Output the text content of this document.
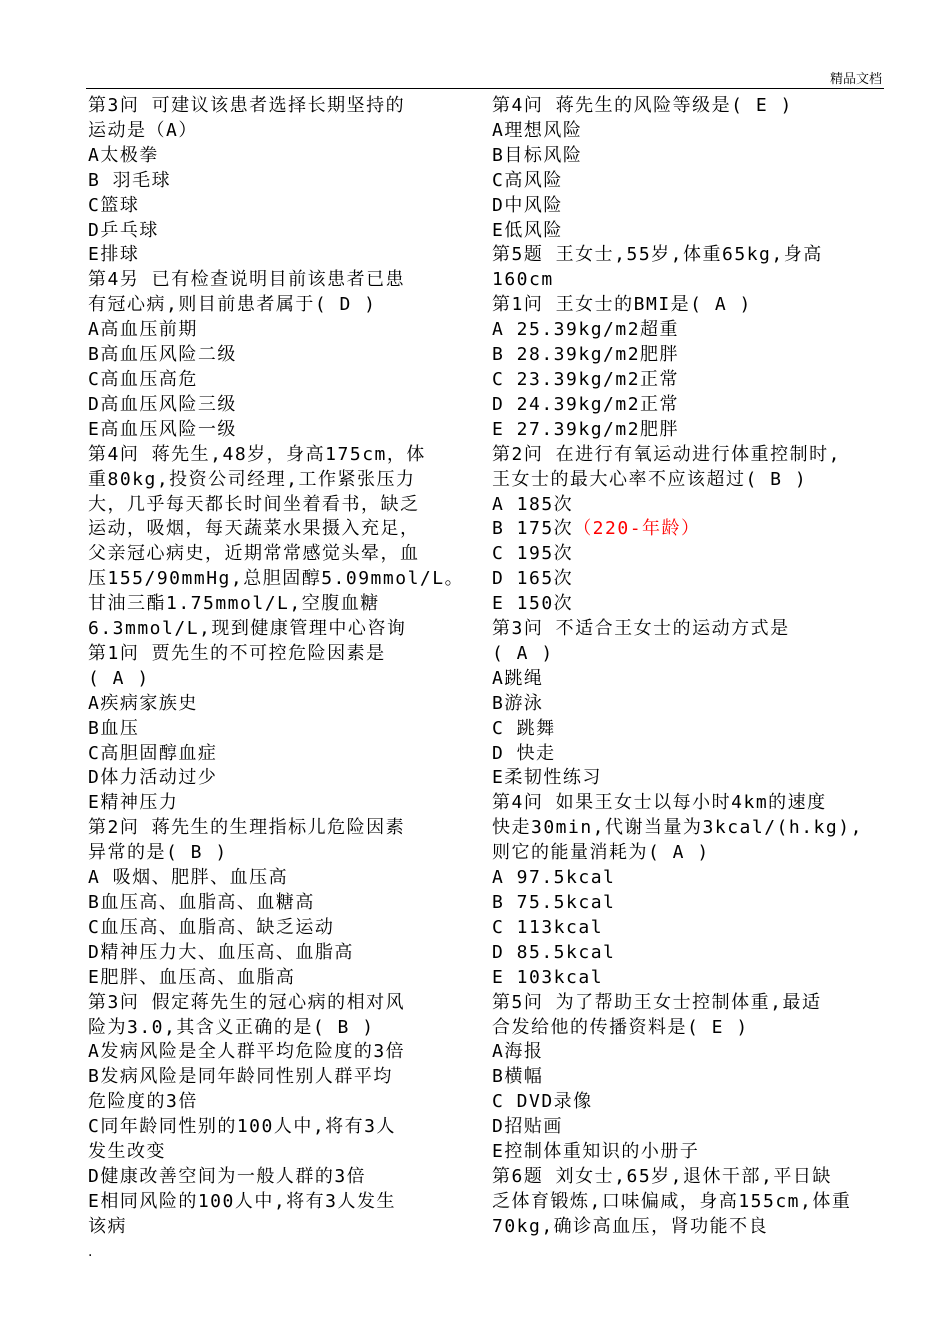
精品文档
第3问 可建议该患者选择长期坚持的
运动是（A）
A太极拳
B 羽毛球
C篮球
D乒乓球
E排球
第4另 已有检查说明目前该患者已患
有冠心病,则目前患者属于( D )
A高血压前期
B高血压风险二级
C高血压高危
D高血压风险三级
E高血压风险一级
第4问 蒋先生,48岁，身高175cm，体
重80kg,投资公司经理,工作紧张压力
大，几乎每天都长时间坐着看书，缺乏
运动，吸烟，每天蔬菜水果摄入充足，
父亲冠心病史，近期常常感觉头晕，血
压155/90mmHg,总胆固醇5.09mmol/L。
甘油三酯1.75mmol/L,空腹血糖
6.3mmol/L,现到健康管理中心咨询
第1问 贾先生的不可控危险因素是
( A )
A疾病家族史
B血压
C高胆固醇血症
D体力活动过少
E精神压力
第2问 蒋先生的生理指标儿危险因素
异常的是( B )
A 吸烟、肥胖、血压高
B血压高、血脂高、血糖高
C血压高、血脂高、缺乏运动
D精神压力大、血压高、血脂高
E肥胖、血压高、血脂高
第3问 假定蒋先生的冠心病的相对风
险为3.0,其含义正确的是( B )
A发病风险是全人群平均危险度的3倍
B发病风险是同年龄同性别人群平均
危险度的3倍
C同年龄同性别的100人中,将有3人
发生改变
D健康改善空间为一般人群的3倍
E相同风险的100人中,将有3人发生
该病
第4问 蒋先生的风险等级是( E )
A理想风险
B目标风险
C高风险
D中风险
E低风险
第5题 王女士,55岁,体重65kg,身高
160cm
第1问 王女士的BMI是( A )
A 25.39kg/m2超重
B 28.39kg/m2肥胖
C 23.39kg/m2正常
D 24.39kg/m2正常
E 27.39kg/m2肥胖
第2问 在进行有氧运动进行体重控制时,
王女士的最大心率不应该超过( B )
A 185次
B 175次（220-年龄）
C 195次
D 165次
E 150次
第3问 不适合王女士的运动方式是
( A )
A跳绳
B游泳
C 跳舞
D 快走
E柔韧性练习
第4问 如果王女士以每小时4km的速度
快走30min,代谢当量为3kcal/(h.kg),
则它的能量消耗为( A )
A 97.5kcal
B 75.5kcal
C 113kcal
D 85.5kcal
E 103kcal
第5问 为了帮助王女士控制体重,最适
合发给他的传播资料是( E )
A海报
B横幅
C DVD录像
D招贴画
E控制体重知识的小册子
第6题 刘女士,65岁,退休干部,平日缺
乏体育锻炼,口味偏咸，身高155cm,体重
70kg,确诊高血压，肾功能不良
.
